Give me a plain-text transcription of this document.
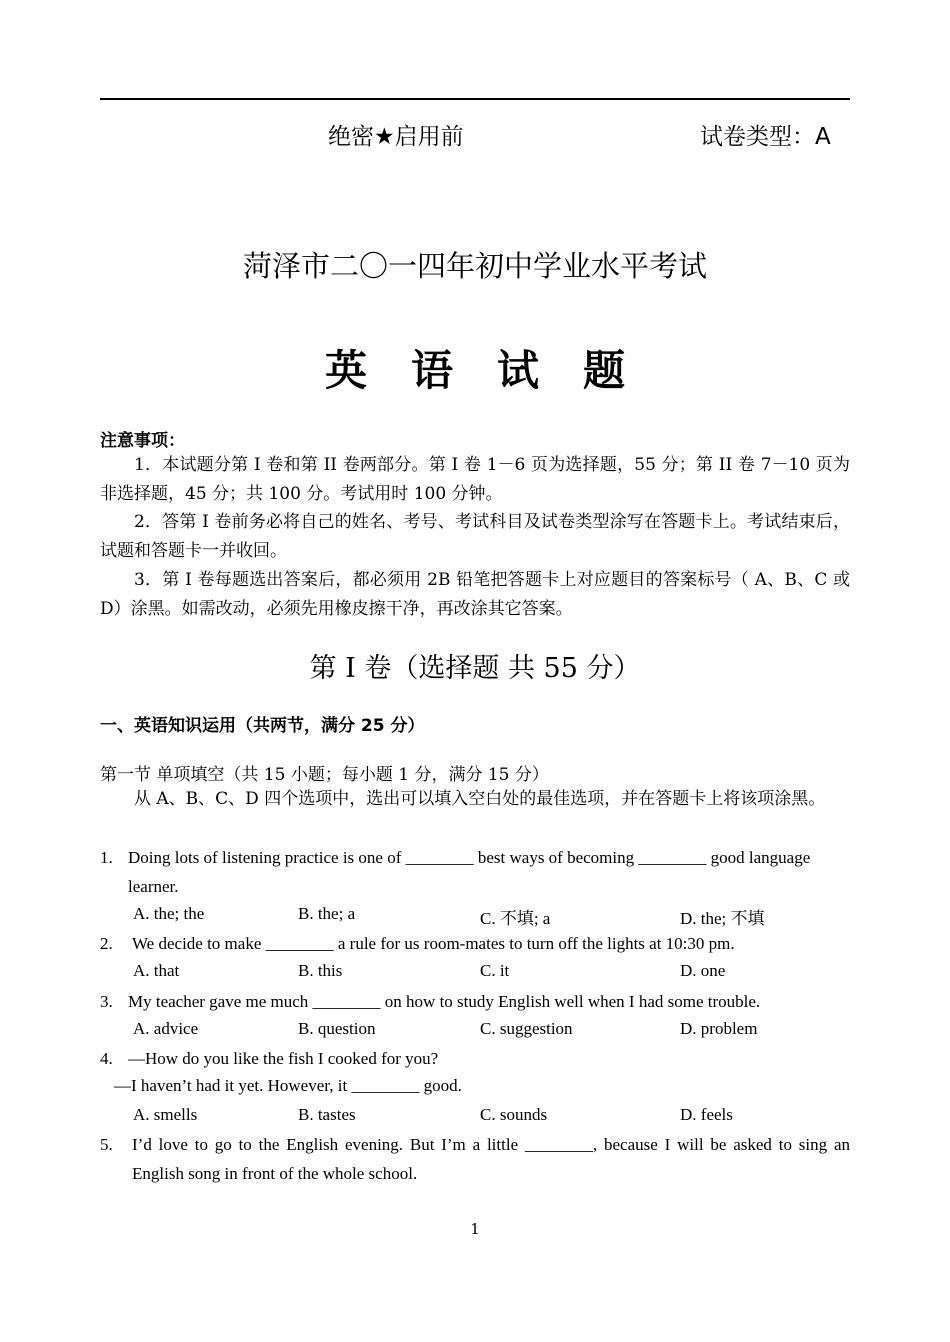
绝密★启用前	试卷类型：A
菏泽市二〇一四年初中学业水平考试
英语试题
注意事项：
1．本试题分第 I 卷和第 II 卷两部分。第 I 卷 1－6 页为选择题，55 分；第 II 卷 7－10 页为非选择题，45 分；共 100 分。考试用时 100 分钟。
2．答第 I 卷前务必将自己的姓名、考号、考试科目及试卷类型涂写在答题卡上。考试结束后，试题和答题卡一并收回。
3．第 I 卷每题选出答案后，都必须用 2B 铅笔把答题卡上对应题目的答案标号（ A、B、C 或 D）涂黑。如需改动，必须先用橡皮擦干净，再改涂其它答案。
第 I 卷（选择题 共 55 分）
一、英语知识运用（共两节，满分 25 分）
第一节 单项填空（共 15 小题；每小题 1 分，满分 15 分）
从 A、B、C、D 四个选项中，选出可以填入空白处的最佳选项，并在答题卡上将该项涂黑。
1. Doing lots of listening practice is one of ________ best ways of becoming ________ good language learner.
A. the; the	B. the; a	C. 不填; a	D. the; 不填
2. We decide to make ________ a rule for us room-mates to turn off the lights at 10:30 pm.
A. that	B. this	C. it	D. one
3. My teacher gave me much ________ on how to study English well when I had some trouble.
A. advice	B. question	C. suggestion	D. problem
4. —How do you like the fish I cooked for you?
—I haven’t had it yet. However, it ________ good.
A. smells	B. tastes	C. sounds	D. feels
5. I’d love to go to the English evening. But I’m a little ________, because I will be asked to sing an English song in front of the whole school.
1
